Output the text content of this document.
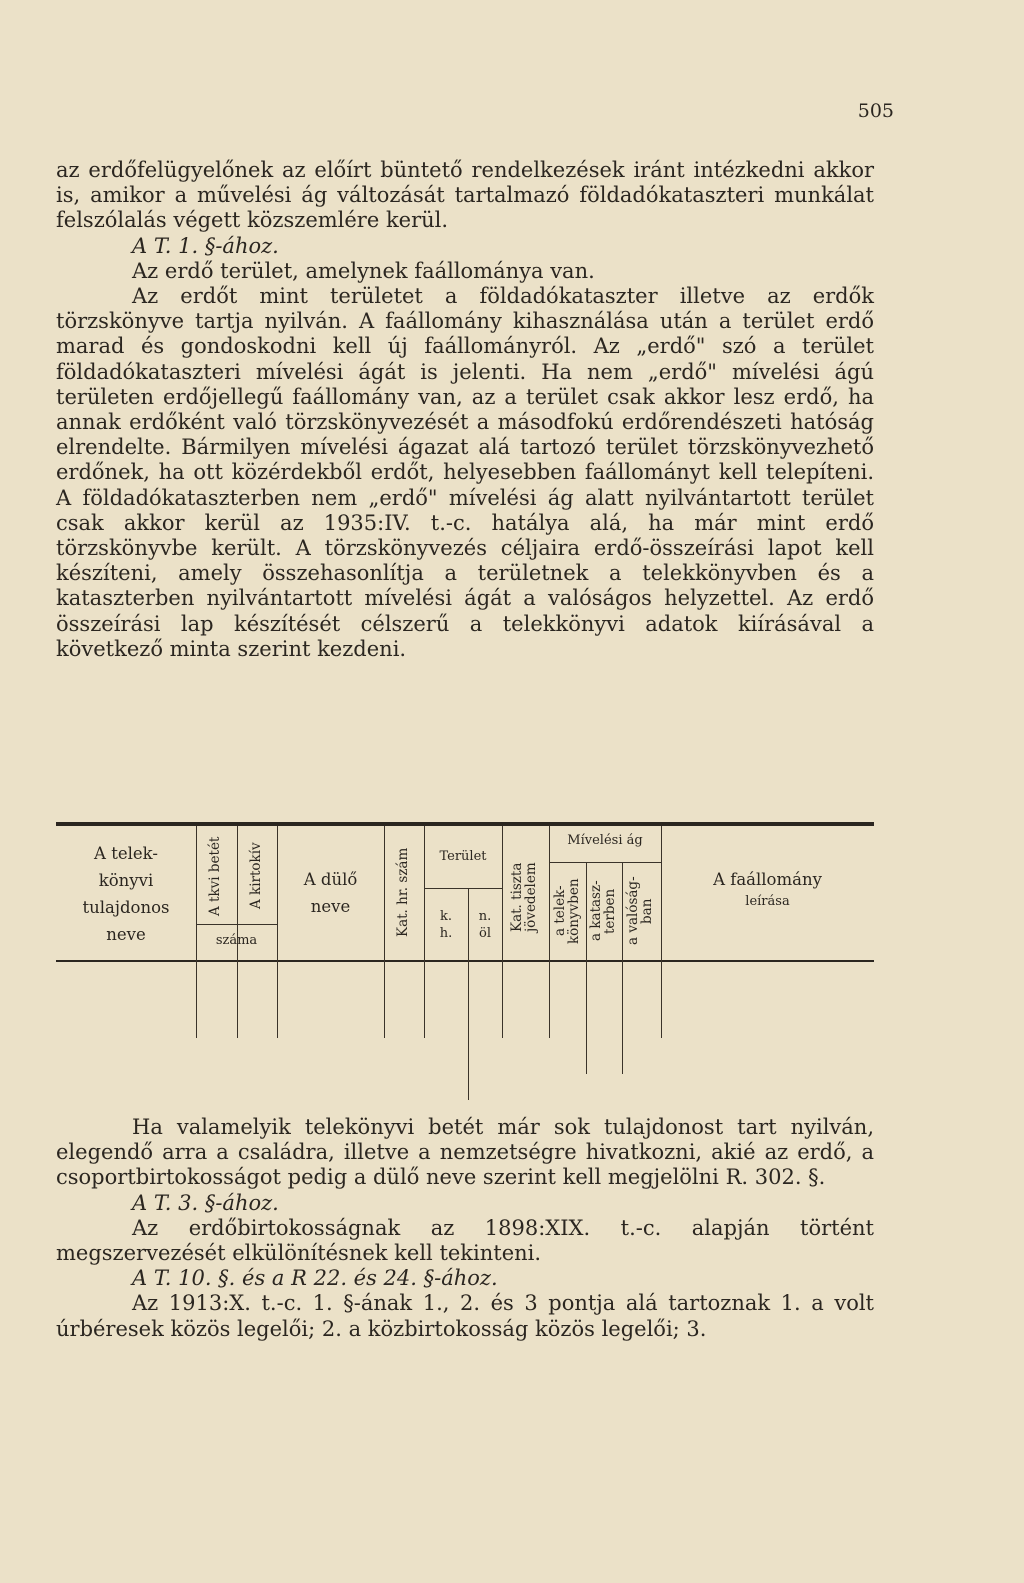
505

az erdőfelügyelőnek az előírt büntető rendelkezések iránt intézkedni akkor is, amikor a művelési ág változását tartalmazó földadókataszteri munkálat felszólalás végett közszemlére kerül.

A T. 1. §-ához.

Az erdő terület, amelynek faállománya van.

Az erdőt mint területet a földadókataszter illetve az erdők törzskönyve tartja nyilván. A faállomány kihasználása után a terület erdő marad és gondoskodni kell új faállományról. Az „erdő" szó a terület földadókataszteri mívelési ágát is jelenti. Ha nem „erdő" mívelési ágú területen erdőjellegű faállomány van, az a terület csak akkor lesz erdő, ha annak erdőként való törzskönyvezését a másodfokú erdőrendészeti hatóság elrendelte. Bármilyen mívelési ágazat alá tartozó terület törzskönyvezhető erdőnek, ha ott közérdekből erdőt, helyesebben faállományt kell telepíteni. A földadókataszterben nem „erdő" mívelési ág alatt nyilvántartott terület csak akkor kerül az 1935:IV. t.-c. hatálya alá, ha már mint erdő törzskönyvbe került. A törzskönyvezés céljaira erdő-összeírási lapot kell készíteni, amely összehasonlítja a területnek a telekkönyvben és a kataszterben nyilvántartott mívelési ágát a valóságos helyzettel. Az erdő összeírási lap készítését célszerű a telekkönyvi adatok kiírásával a következő minta szerint kezdeni.

A telek-
könyvi
tulajdonos
neve
A tkvi betét A kirtokív
száma
A dülő
neve	Kat. hr. szám	Terület
k.
h.
n.
öl
Kat. tiszta
jövedelem
Mívelési ág
a telek-
könyvben a katasz-
terben
a valóság-
ban
A faállomány
leírása

Ha valamelyik telekönyvi betét már sok tulajdonost tart nyilván, elegendő arra a családra, illetve a nemzetségre hivatkozni, akié az erdő, a csoportbirtokosságot pedig a dülő neve szerint kell megjelölni R. 302. §.

A T. 3. §-ához.

Az erdőbirtokosságnak az 1898:XIX. t.-c. alapján történt megszervezését elkülönítésnek kell tekinteni.

A T. 10. §. és a R 22. és 24. §-ához.

Az 1913:X. t.-c. 1. §-ának 1., 2. és 3 pontja alá tartoznak 1. a volt úrbéresek közös legelői; 2. a közbirtokosság közös legelői; 3.
